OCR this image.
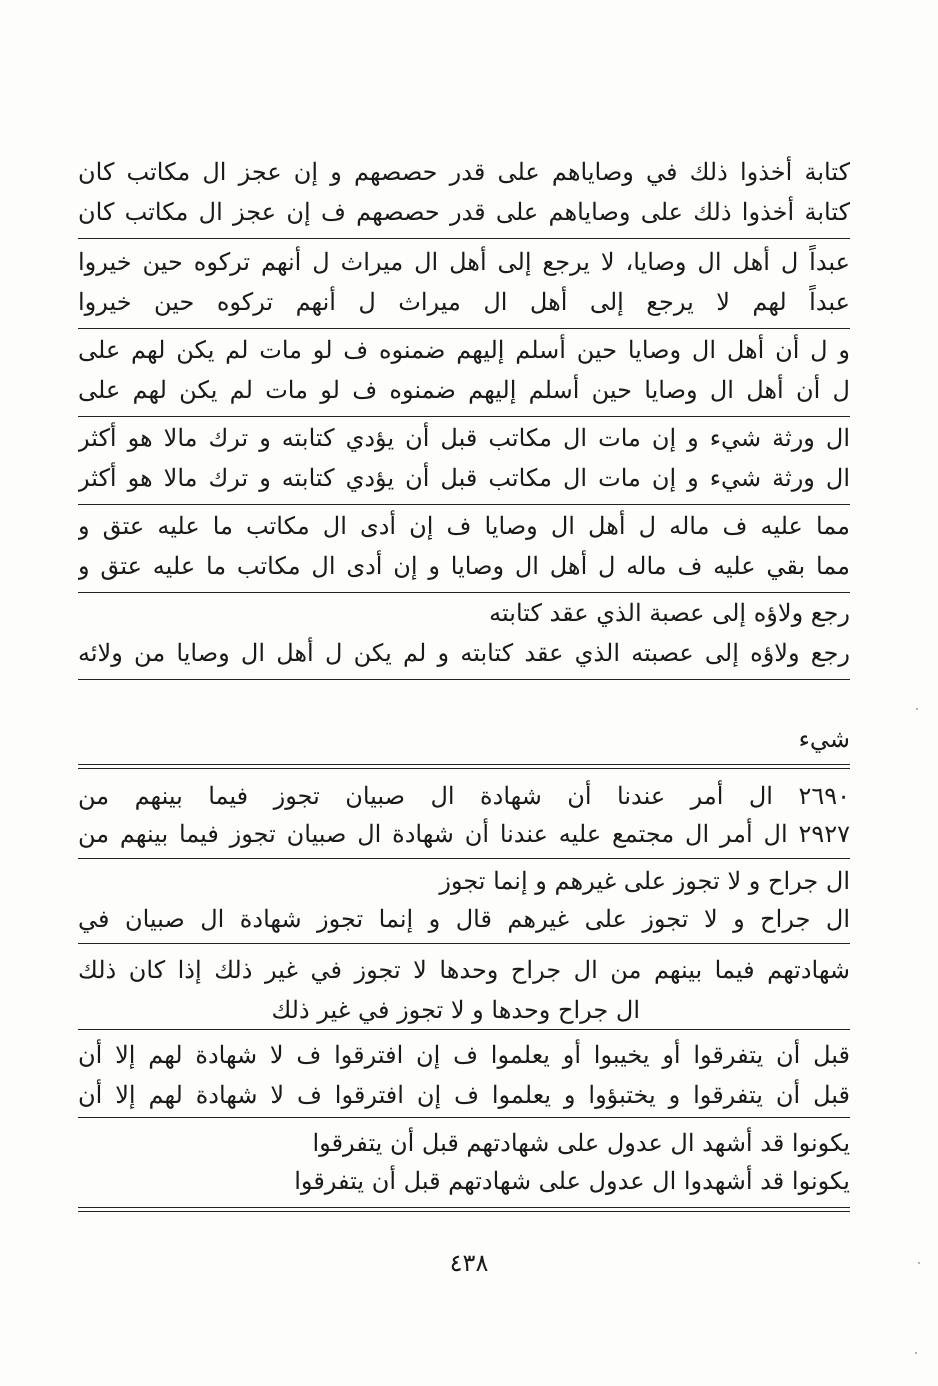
كتابة أخذوا ذلك في وصاياهم على قدر حصصهم و إن عجز ال مكاتب كان
كتابة أخذوا ذلك على وصاياهم على قدر حصصهم ف إن عجز ال مكاتب كان
عبداً ل أهل ال وصايا، لا يرجع إلى أهل ال ميراث ل أنهم تركوه حين خيروا
عبداً لهم لا يرجع إلى أهل ال ميراث ل أنهم تركوه حين خيروا
و ل أن أهل ال وصايا حين أسلم إليهم ضمنوه ف لو مات لم يكن لهم على
ل أن أهل ال وصايا حين أسلم إليهم ضمنوه ف لو مات لم يكن لهم على
ال ورثة شيء و إن مات ال مكاتب قبل أن يؤدي كتابته و ترك مالا هو أكثر
ال ورثة شيء و إن مات ال مكاتب قبل أن يؤدي كتابته و ترك مالا هو أكثر
مما عليه ف ماله ل أهل ال وصايا ف إن أدى ال مكاتب ما عليه عتق و
مما بقي عليه ف ماله ل أهل ال وصايا و إن أدى ال مكاتب ما عليه عتق و
رجع ولاؤه إلى عصبة الذي عقد كتابته
رجع ولاؤه إلى عصبته الذي عقد كتابته و لم يكن ل أهل ال وصايا من ولائه
شيء
٢٦٩٠ ال أمر عندنا أن شهادة ال صبيان تجوز فيما بينهم من
٢٩٢٧ ال أمر ال مجتمع عليه عندنا أن شهادة ال صبيان تجوز فيما بينهم من
ال جراح و لا تجوز على غيرهم و إنما تجوز
ال جراح و لا تجوز على غيرهم قال و إنما تجوز شهادة ال صبيان في
شهادتهم فيما بينهم من ال جراح وحدها لا تجوز في غير ذلك إذا كان ذلك
ال جراح وحدها و لا تجوز في غير ذلك
قبل أن يتفرقوا أو يخيبوا أو يعلموا ف إن افترقوا ف لا شهادة لهم إلا أن
قبل أن يتفرقوا و يختبؤوا و يعلموا ف إن افترقوا ف لا شهادة لهم إلا أن
يكونوا قد أشهد ال عدول على شهادتهم قبل أن يتفرقوا
يكونوا قد أشهدوا ال عدول على شهادتهم قبل أن يتفرقوا
٤٣٨
